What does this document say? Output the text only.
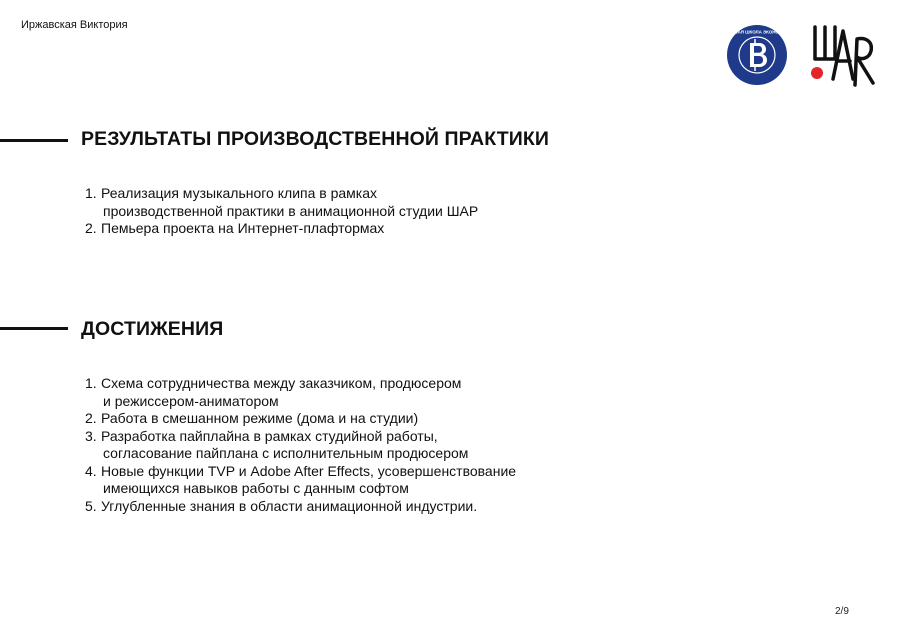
Иржавская Виктория
ВЫСШАЯ ШКОЛА ЭКОНОМИКИ
РЕЗУЛЬТАТЫ ПРОИЗВОДСТВЕННОЙ ПРАКТИКИ
1. Реализация музыкального клипа в рамках
производственной практики в анимационной студии ШАР
2. Пемьера проекта на Интернет-плафтормах
ДОСТИЖЕНИЯ
1. Схема сотрудничества между заказчиком, продюсером
и режиссером-аниматором
2. Работа в смешанном режиме (дома и на студии)
3. Разработка пайплайна в рамках студийной работы,
согласование пайплана с исполнительным продюсером
4. Новые функции TVP и Adobe After Effects, усовершенствование
имеющихся навыков работы с данным софтом
5. Углубленные знания в области анимационной индустрии.
2/9
